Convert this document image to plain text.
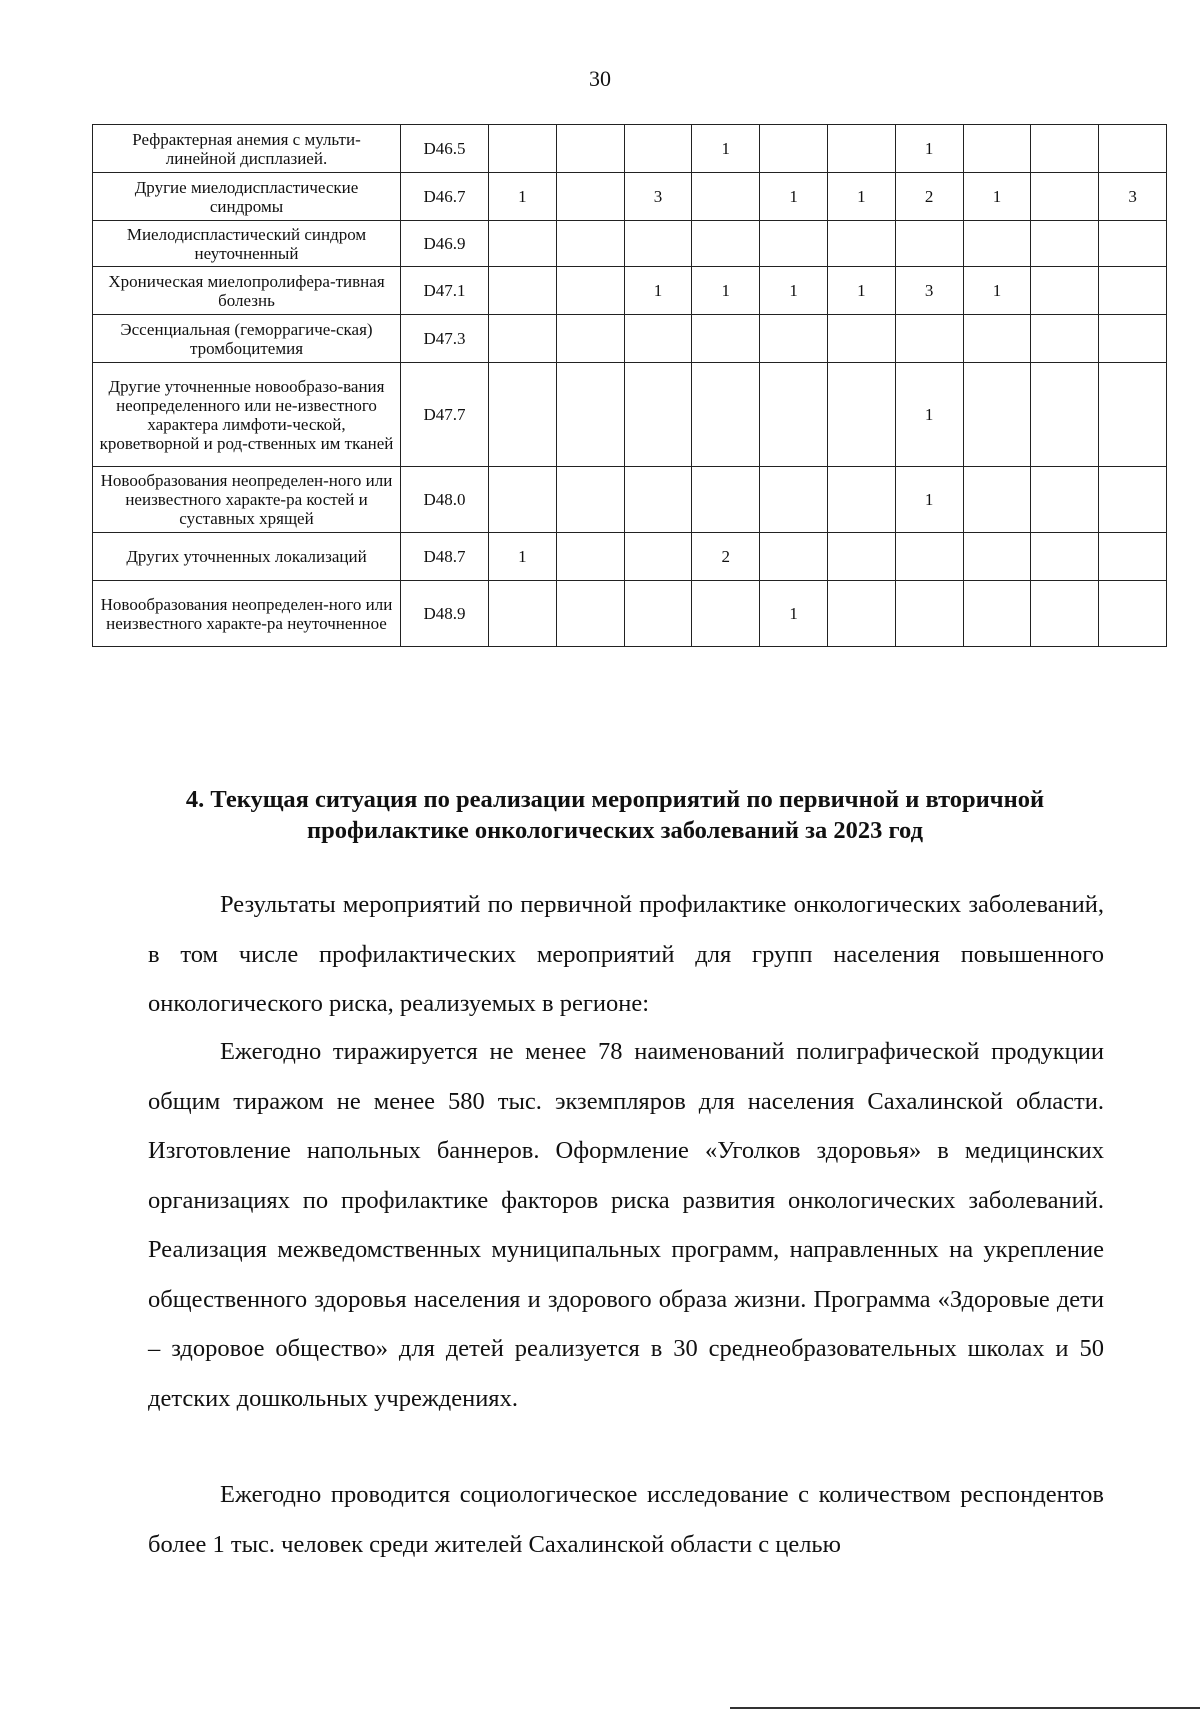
30
Рефрактерная анемия с мульти-линейной дисплазией.	D46.5				1			1			
Другие миелодиспластические синдромы	D46.7	1		3		1	1	2	1		3
Миелодиспластический синдром неуточненный	D46.9										
Хроническая миелопролифера-тивная болезнь	D47.1			1	1	1	1	3	1		
Эссенциальная (геморрагиче-ская) тромбоцитемия	D47.3										
Другие уточненные новообразо-вания неопределенного или не-известного характера лимфоти-ческой, кроветворной и род-ственных им тканей	D47.7							1			
Новообразования неопределен-ного или неизвестного характе-ра костей и суставных хрящей	D48.0							1			
Других уточненных локализаций	D48.7	1			2						
Новообразования неопределен-ного или неизвестного характе-ра неуточненное	D48.9					1					
4. Текущая ситуация по реализации мероприятий по первичной и вторичной профилактике онкологических заболеваний за 2023 год

Результаты мероприятий по первичной профилактике онкологических заболеваний, в том числе профилактических мероприятий для групп населения повышенного онкологического риска, реализуемых в регионе:

Ежегодно тиражируется не менее 78 наименований полиграфической продукции общим тиражом не менее 580 тыс. экземпляров для населения Сахалинской области. Изготовление напольных баннеров. Оформление «Уголков здоровья» в медицинских организациях по профилактике факторов риска развития онкологических заболеваний. Реализация межведомственных муниципальных программ, направленных на укрепление общественного здоровья населения и здорового образа жизни. Программа «Здоровые дети – здоровое общество» для детей реализуется в 30 среднеобразовательных школах и 50 детских дошкольных учреждениях.

Ежегодно проводится социологическое исследование с количеством респондентов более 1 тыс. человек среди жителей Сахалинской области с целью
